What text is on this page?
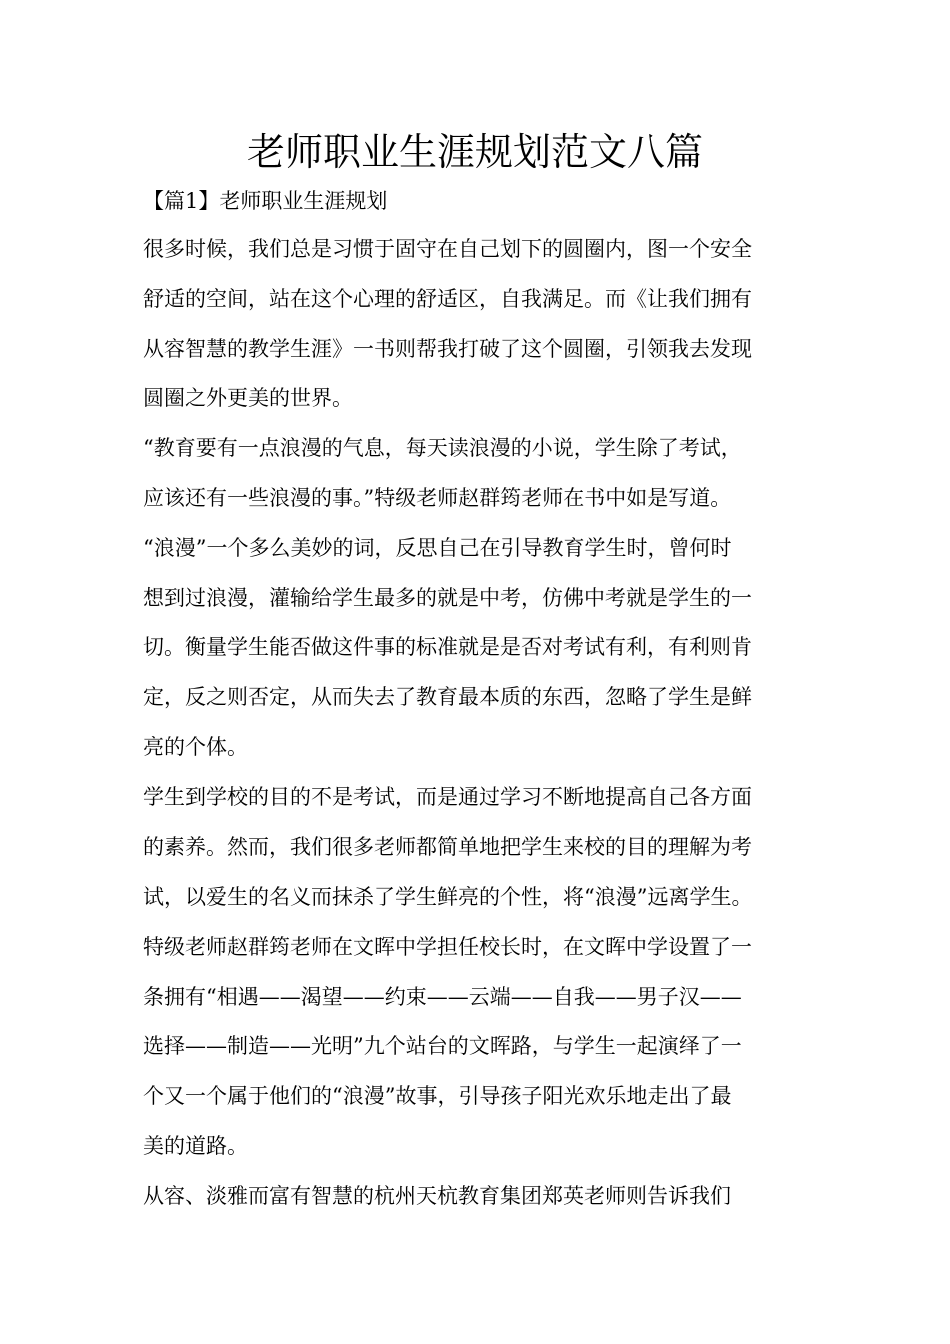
老师职业生涯规划范文八篇

【篇1】老师职业生涯规划

很多时候，我们总是习惯于固守在自己划下的圆圈内，图一个安全

舒适的空间，站在这个心理的舒适区，自我满足。而《让我们拥有

从容智慧的教学生涯》一书则帮我打破了这个圆圈，引领我去发现

圆圈之外更美的世界。

“教育要有一点浪漫的气息，每天读浪漫的小说，学生除了考试，

应该还有一些浪漫的事。”特级老师赵群筠老师在书中如是写道。

“浪漫”一个多么美妙的词，反思自己在引导教育学生时，曾何时

想到过浪漫，灌输给学生最多的就是中考，仿佛中考就是学生的一

切。衡量学生能否做这件事的标准就是是否对考试有利，有利则肯

定，反之则否定，从而失去了教育最本质的东西，忽略了学生是鲜

亮的个体。

学生到学校的目的不是考试，而是通过学习不断地提高自己各方面

的素养。然而，我们很多老师都简单地把学生来校的目的理解为考

试，以爱生的名义而抹杀了学生鲜亮的个性，将“浪漫”远离学生。

特级老师赵群筠老师在文晖中学担任校长时，在文晖中学设置了一

条拥有“相遇——渴望——约束——云端——自我——男子汉——

选择——制造——光明”九个站台的文晖路，与学生一起演绎了一

个又一个属于他们的“浪漫”故事，引导孩子阳光欢乐地走出了最

美的道路。

从容、淡雅而富有智慧的杭州天杭教育集团郑英老师则告诉我们
